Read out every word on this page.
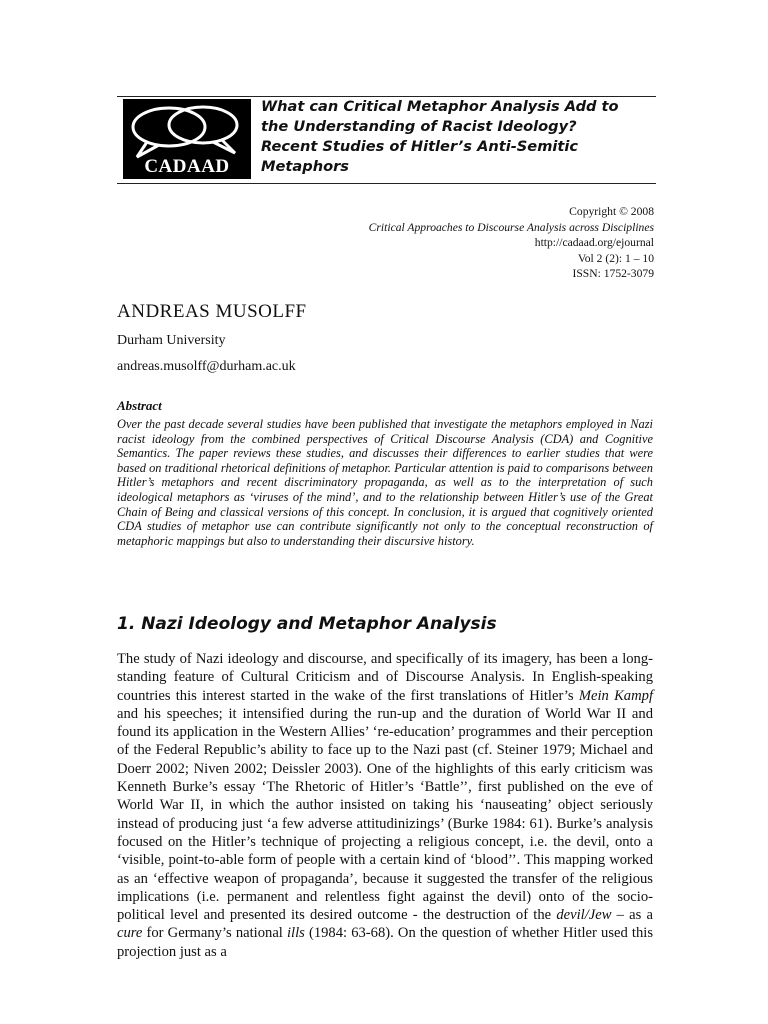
CADAAD
What can Critical Metaphor Analysis Add to
the Understanding of Racist Ideology?
Recent Studies of Hitler’s Anti-Semitic
Metaphors
Copyright © 2008
Critical Approaches to Discourse Analysis across Disciplines
http://cadaad.org/ejournal
Vol 2 (2): 1 – 10
ISSN: 1752-3079
ANDREAS MUSOLFF
Durham University
andreas.musolff@durham.ac.uk
Abstract

Over the past decade several studies have been published that investigate the metaphors employed in Nazi racist ideology from the combined perspectives of Critical Discourse Analysis (CDA) and Cognitive Semantics. The paper reviews these studies, and discusses their differences to earlier studies that were based on traditional rhetorical definitions of metaphor. Particular attention is paid to comparisons between Hitler’s metaphors and recent discriminatory propaganda, as well as to the interpretation of such ideological metaphors as ‘viruses of the mind’, and to the relationship between Hitler’s use of the Great Chain of Being and classical versions of this concept. In conclusion, it is argued that cognitively oriented CDA studies of metaphor use can contribute significantly not only to the conceptual reconstruction of metaphoric mappings but also to understanding their discursive history.

1. Nazi Ideology and Metaphor Analysis

The study of Nazi ideology and discourse, and specifically of its imagery, has been a long-standing feature of Cultural Criticism and of Discourse Analysis. In English-speaking countries this interest started in the wake of the first translations of Hitler’s Mein Kampf and his speeches; it intensified during the run-up and the duration of World War II and found its application in the Western Allies’ ‘re-education’ programmes and their perception of the Federal Republic’s ability to face up to the Nazi past (cf. Steiner 1979; Michael and Doerr 2002; Niven 2002; Deissler 2003). One of the highlights of this early criticism was Kenneth Burke’s essay ‘The Rhetoric of Hitler’s ‘Battle’’, first published on the eve of World War II, in which the author insisted on taking his ‘nauseating’ object seriously instead of producing just ‘a few adverse attitudinizings’ (Burke 1984: 61). Burke’s analysis focused on the Hitler’s technique of projecting a religious concept, i.e. the devil, onto a ‘visible, point-to-able form of people with a certain kind of ‘blood’’. This mapping worked as an ‘effective weapon of propaganda’, because it suggested the transfer of the religious implications (i.e. permanent and relentless fight against the devil) onto of the socio-political level and presented its desired outcome - the destruction of the devil/Jew – as a cure for Germany’s national ills (1984: 63-68). On the question of whether Hitler used this projection just as a
